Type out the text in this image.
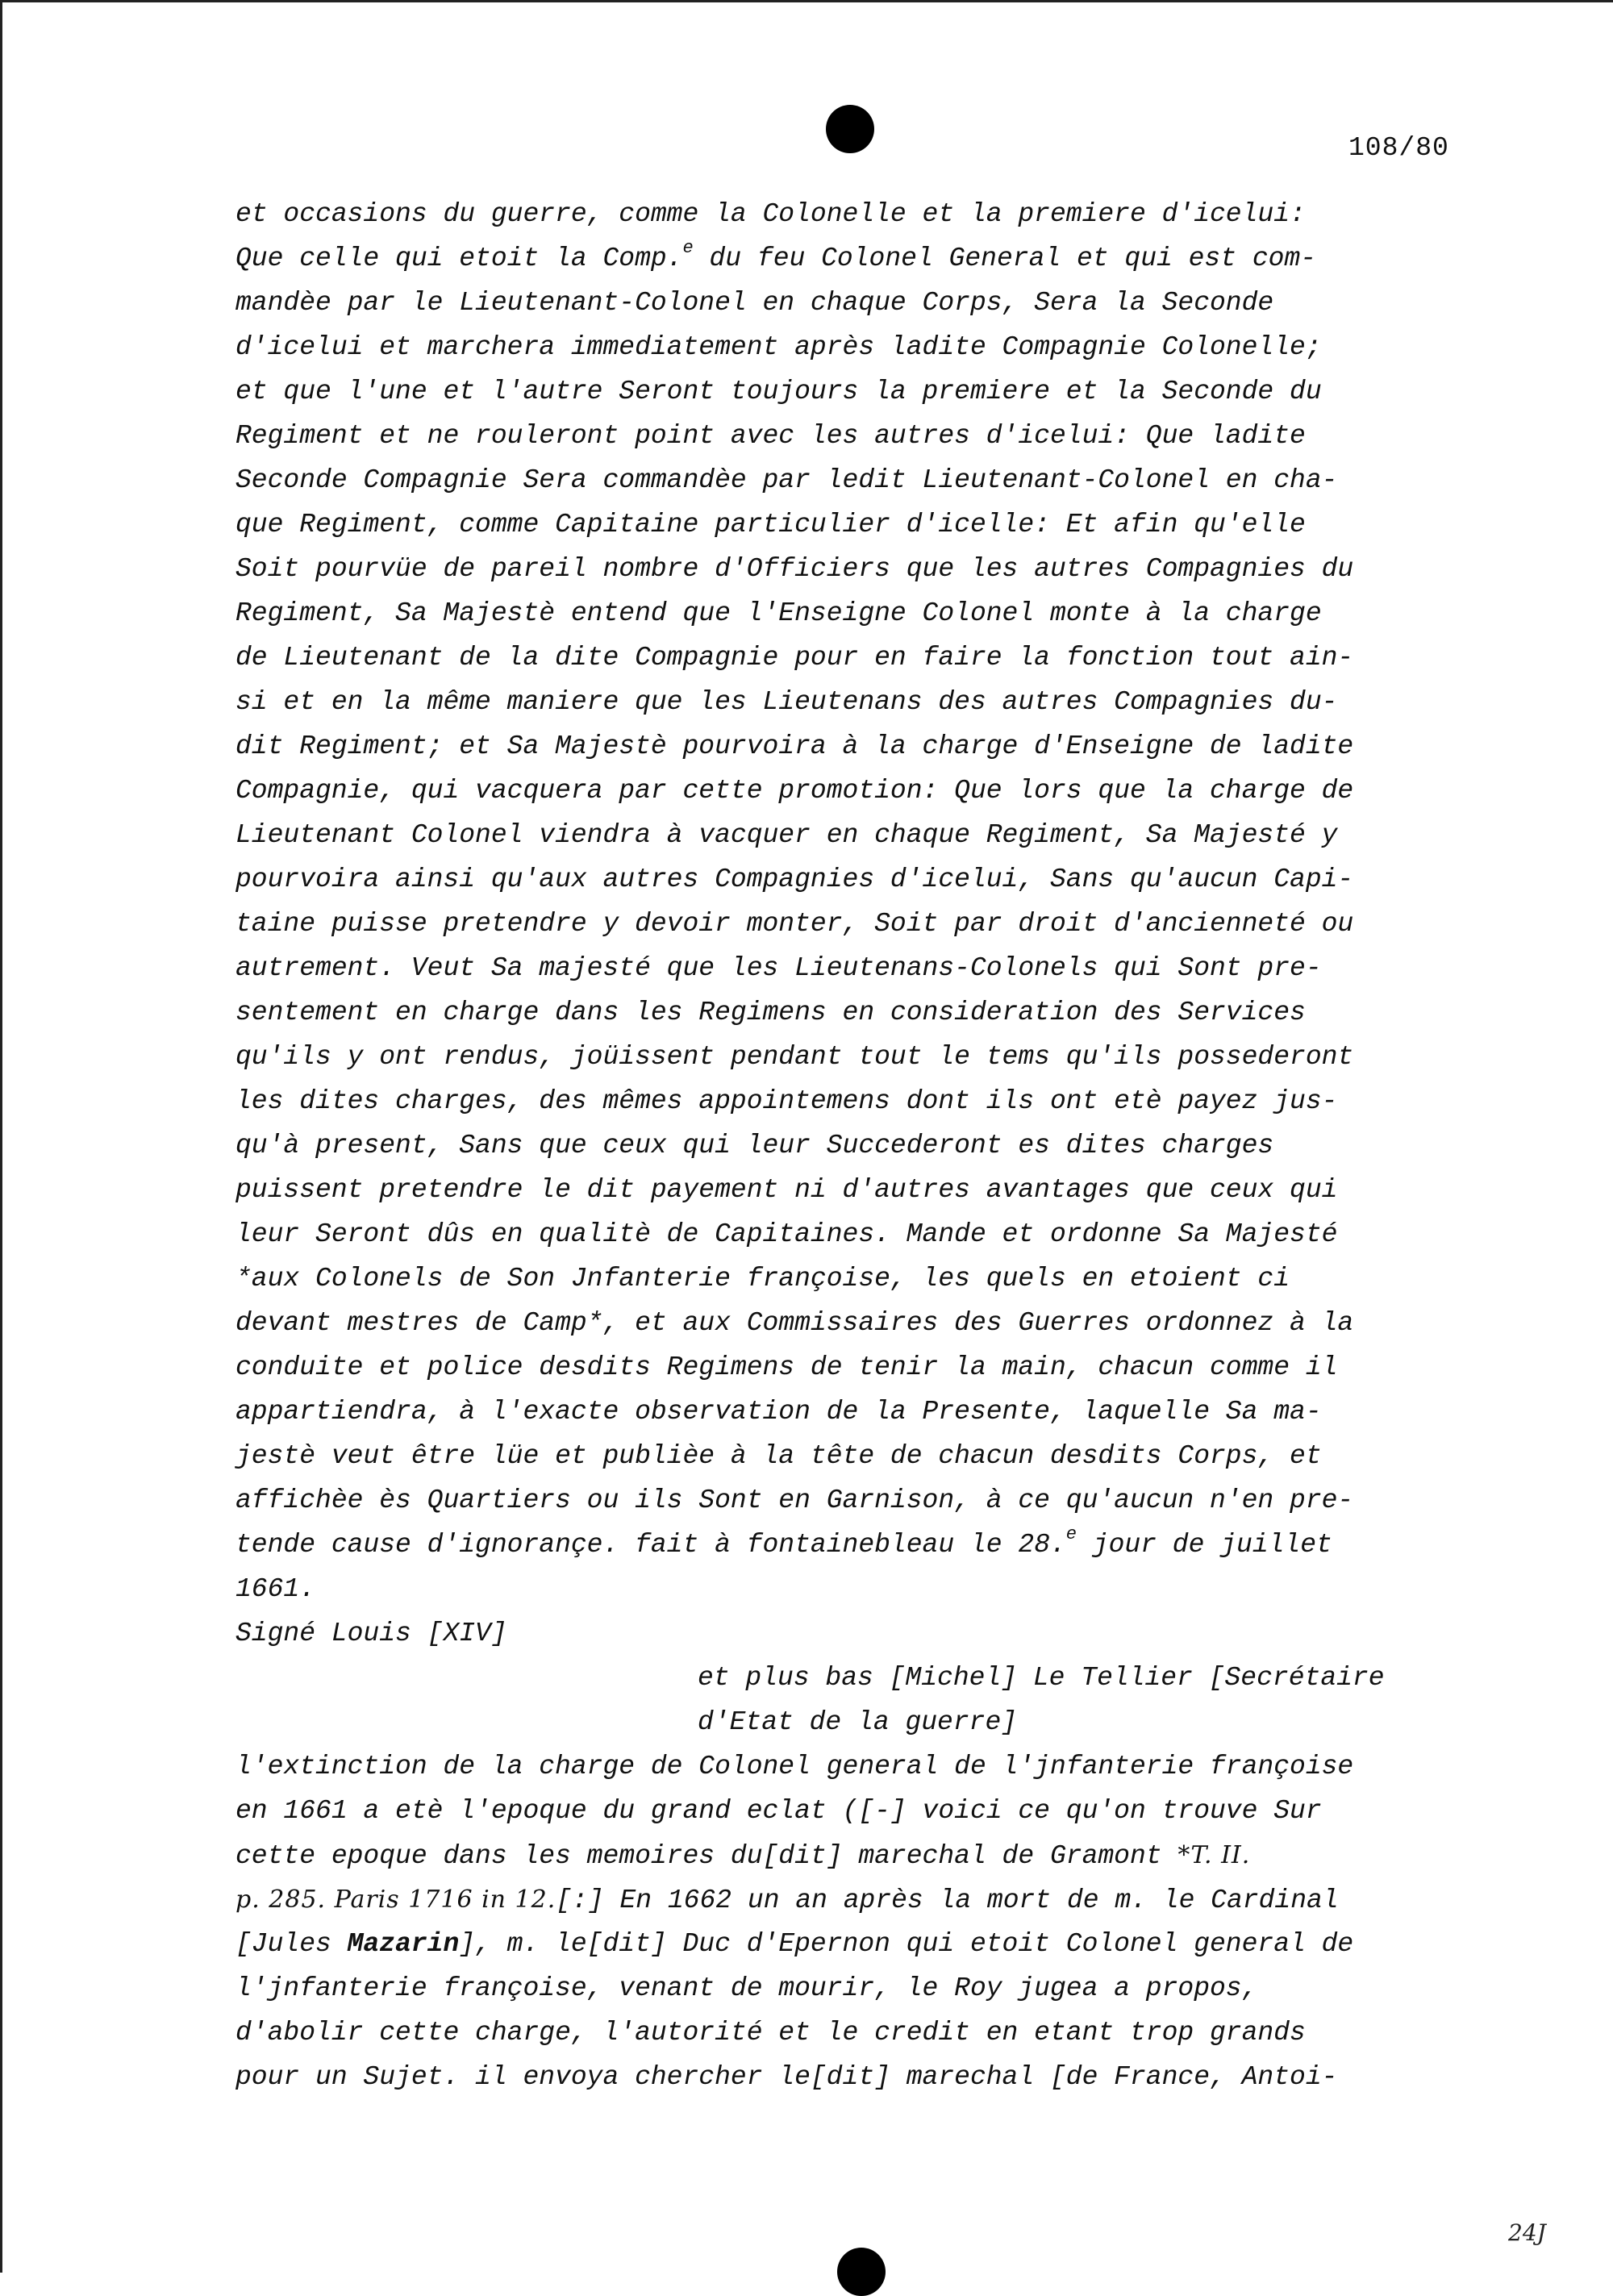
108/80
et occasions du guerre, comme la Colonelle et la premiere d'icelui:
Que celle qui etoit la Comp.$^e$ du feu Colonel General et qui est com-
mandèe par le Lieutenant-Colonel en chaque Corps, Sera la Seconde
d'icelui et marchera immediatement après ladite Compagnie Colonelle;
et que l'une et l'autre Seront toujours la premiere et la Seconde du
Regiment et ne rouleront point avec les autres d'icelui: Que ladite
Seconde Compagnie Sera commandèe par ledit Lieutenant-Colonel en cha-
que Regiment, comme Capitaine particulier d'icelle: Et afin qu'elle
Soit pourvüe de pareil nombre d'Officiers que les autres Compagnies du
Regiment, Sa Majestè entend que l'Enseigne Colonel monte à la charge
de Lieutenant de la dite Compagnie pour en faire la fonction tout ain-
si et en la même maniere que les Lieutenans des autres Compagnies du-
dit Regiment; et Sa Majestè pourvoira à la charge d'Enseigne de ladite
Compagnie, qui vacquera par cette promotion: Que lors que la charge de
Lieutenant Colonel viendra à vacquer en chaque Regiment, Sa Majesté y
pourvoira ainsi qu'aux autres Compagnies d'icelui, Sans qu'aucun Capi-
taine puisse pretendre y devoir monter, Soit par droit d'ancienneté ou
autrement. Veut Sa majesté que les Lieutenans-Colonels qui Sont pre-
sentement en charge dans les Regimens en consideration des Services
qu'ils y ont rendus, joüissent pendant tout le tems qu'ils possederont
les dites charges, des mêmes appointemens dont ils ont etè payez jus-
qu'à present, Sans que ceux qui leur Succederont es dites charges
puissent pretendre le dit payement ni d'autres avantages que ceux qui
leur Seront dûs en qualitè de Capitaines. Mande et ordonne Sa Majesté
*aux Colonels de Son Jnfanterie françoise, les quels en etoient ci
devant mestres de Camp*, et aux Commissaires des Guerres ordonnez à la
conduite et police desdits Regimens de tenir la main, chacun comme il
appartiendra, à l'exacte observation de la Presente, laquelle Sa ma-
jestè veut être lüe et publièe à la tête de chacun desdits Corps, et
affichèe ès Quartiers ou ils Sont en Garnison, à ce qu'aucun n'en pre-
tende cause d'ignorançe. fait à fontainebleau le 28.$^e$ jour de juillet
1661.
Signé Louis [XIV]
et plus bas [Michel] Le Tellier [Secrétaire
d'Etat de la guerre]
l'extinction de la charge de Colonel general de l'jnfanterie françoise
en 1661 a etè l'epoque du grand eclat ([-] voici ce qu'on trouve Sur
cette epoque dans les memoires du[dit] marechal de Gramont *T. II.
p. 285. Paris 1716 in 12.[:] En 1662 un an après la mort de m. le Cardinal
[Jules Mazarin], m. le[dit] Duc d'Epernon qui etoit Colonel general de
l'jnfanterie françoise, venant de mourir, le Roy jugea a propos,
d'abolir cette charge, l'autorité et le credit en etant trop grands
pour un Sujet. il envoya chercher le[dit] marechal [de France, Antoi-
24J
